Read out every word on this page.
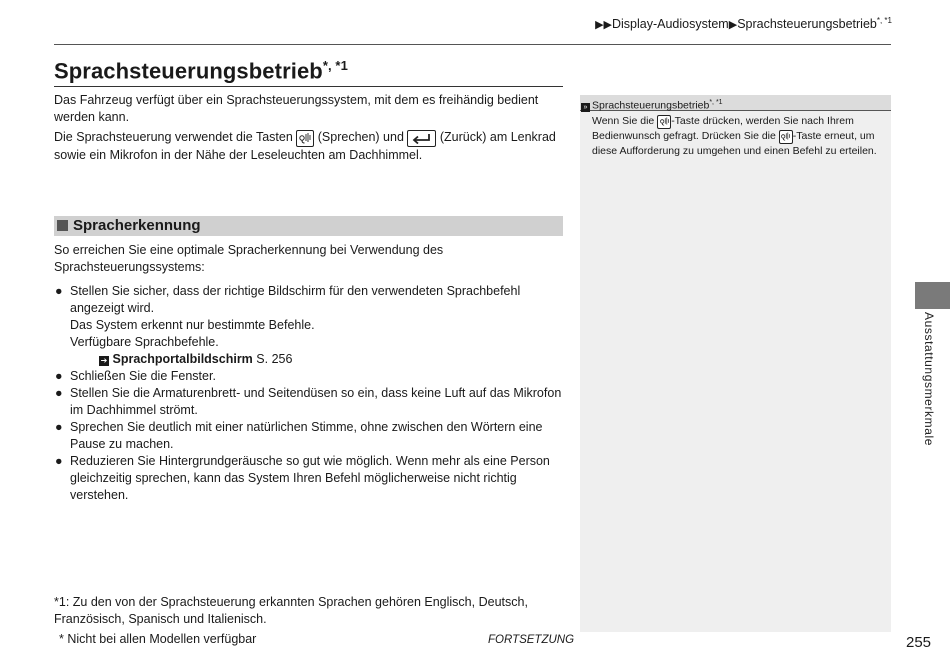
▶▶Display-Audiosystem▶Sprachsteuerungsbetrieb$^{*, *1}$
Sprachsteuerungsbetrieb$^{*, *1}$

Das Fahrzeug verfügt über ein Sprachsteuerungssystem, mit dem es freihändig bedient werden kann.

Die Sprachsteuerung verwendet die Tasten  (Sprechen) und  (Zurück) am Lenkrad sowie ein Mikrofon in der Nähe der Leseleuchten am Dachhimmel.

Spracherkennung

So erreichen Sie eine optimale Spracherkennung bei Verwendung des Sprachsteuerungssystems:

● Stellen Sie sicher, dass der richtige Bildschirm für den verwendeten Sprachbefehl angezeigt wird.
Das System erkennt nur bestimmte Befehle.
Verfügbare Sprachbefehle.
➔ Sprachportalbildschirm S. 256
● Schließen Sie die Fenster.
● Stellen Sie die Armaturenbrett- und Seitendüsen so ein, dass keine Luft auf das Mikrofon im Dachhimmel strömt.
● Sprechen Sie deutlich mit einer natürlichen Stimme, ohne zwischen den Wörtern eine Pause zu machen.
● Reduzieren Sie Hintergrundgeräusche so gut wie möglich. Wenn mehr als eine Person gleichzeitig sprechen, kann das System Ihren Befehl möglicherweise nicht richtig verstehen.

*1: Zu den von der Sprachsteuerung erkannten Sprachen gehören Englisch, Deutsch, Französisch, Spanisch und Italienisch.

* Nicht bei allen Modellen verfügbar	FORTSETZUNG
» Sprachsteuerungsbetrieb$^{*, *1}$

Wenn Sie die -Taste drücken, werden Sie nach Ihrem Bedienwunsch gefragt. Drücken Sie die -Taste erneut, um diese Aufforderung zu umgehen und einen Befehl zu erteilen.

Ausstattungsmerkmale
255
